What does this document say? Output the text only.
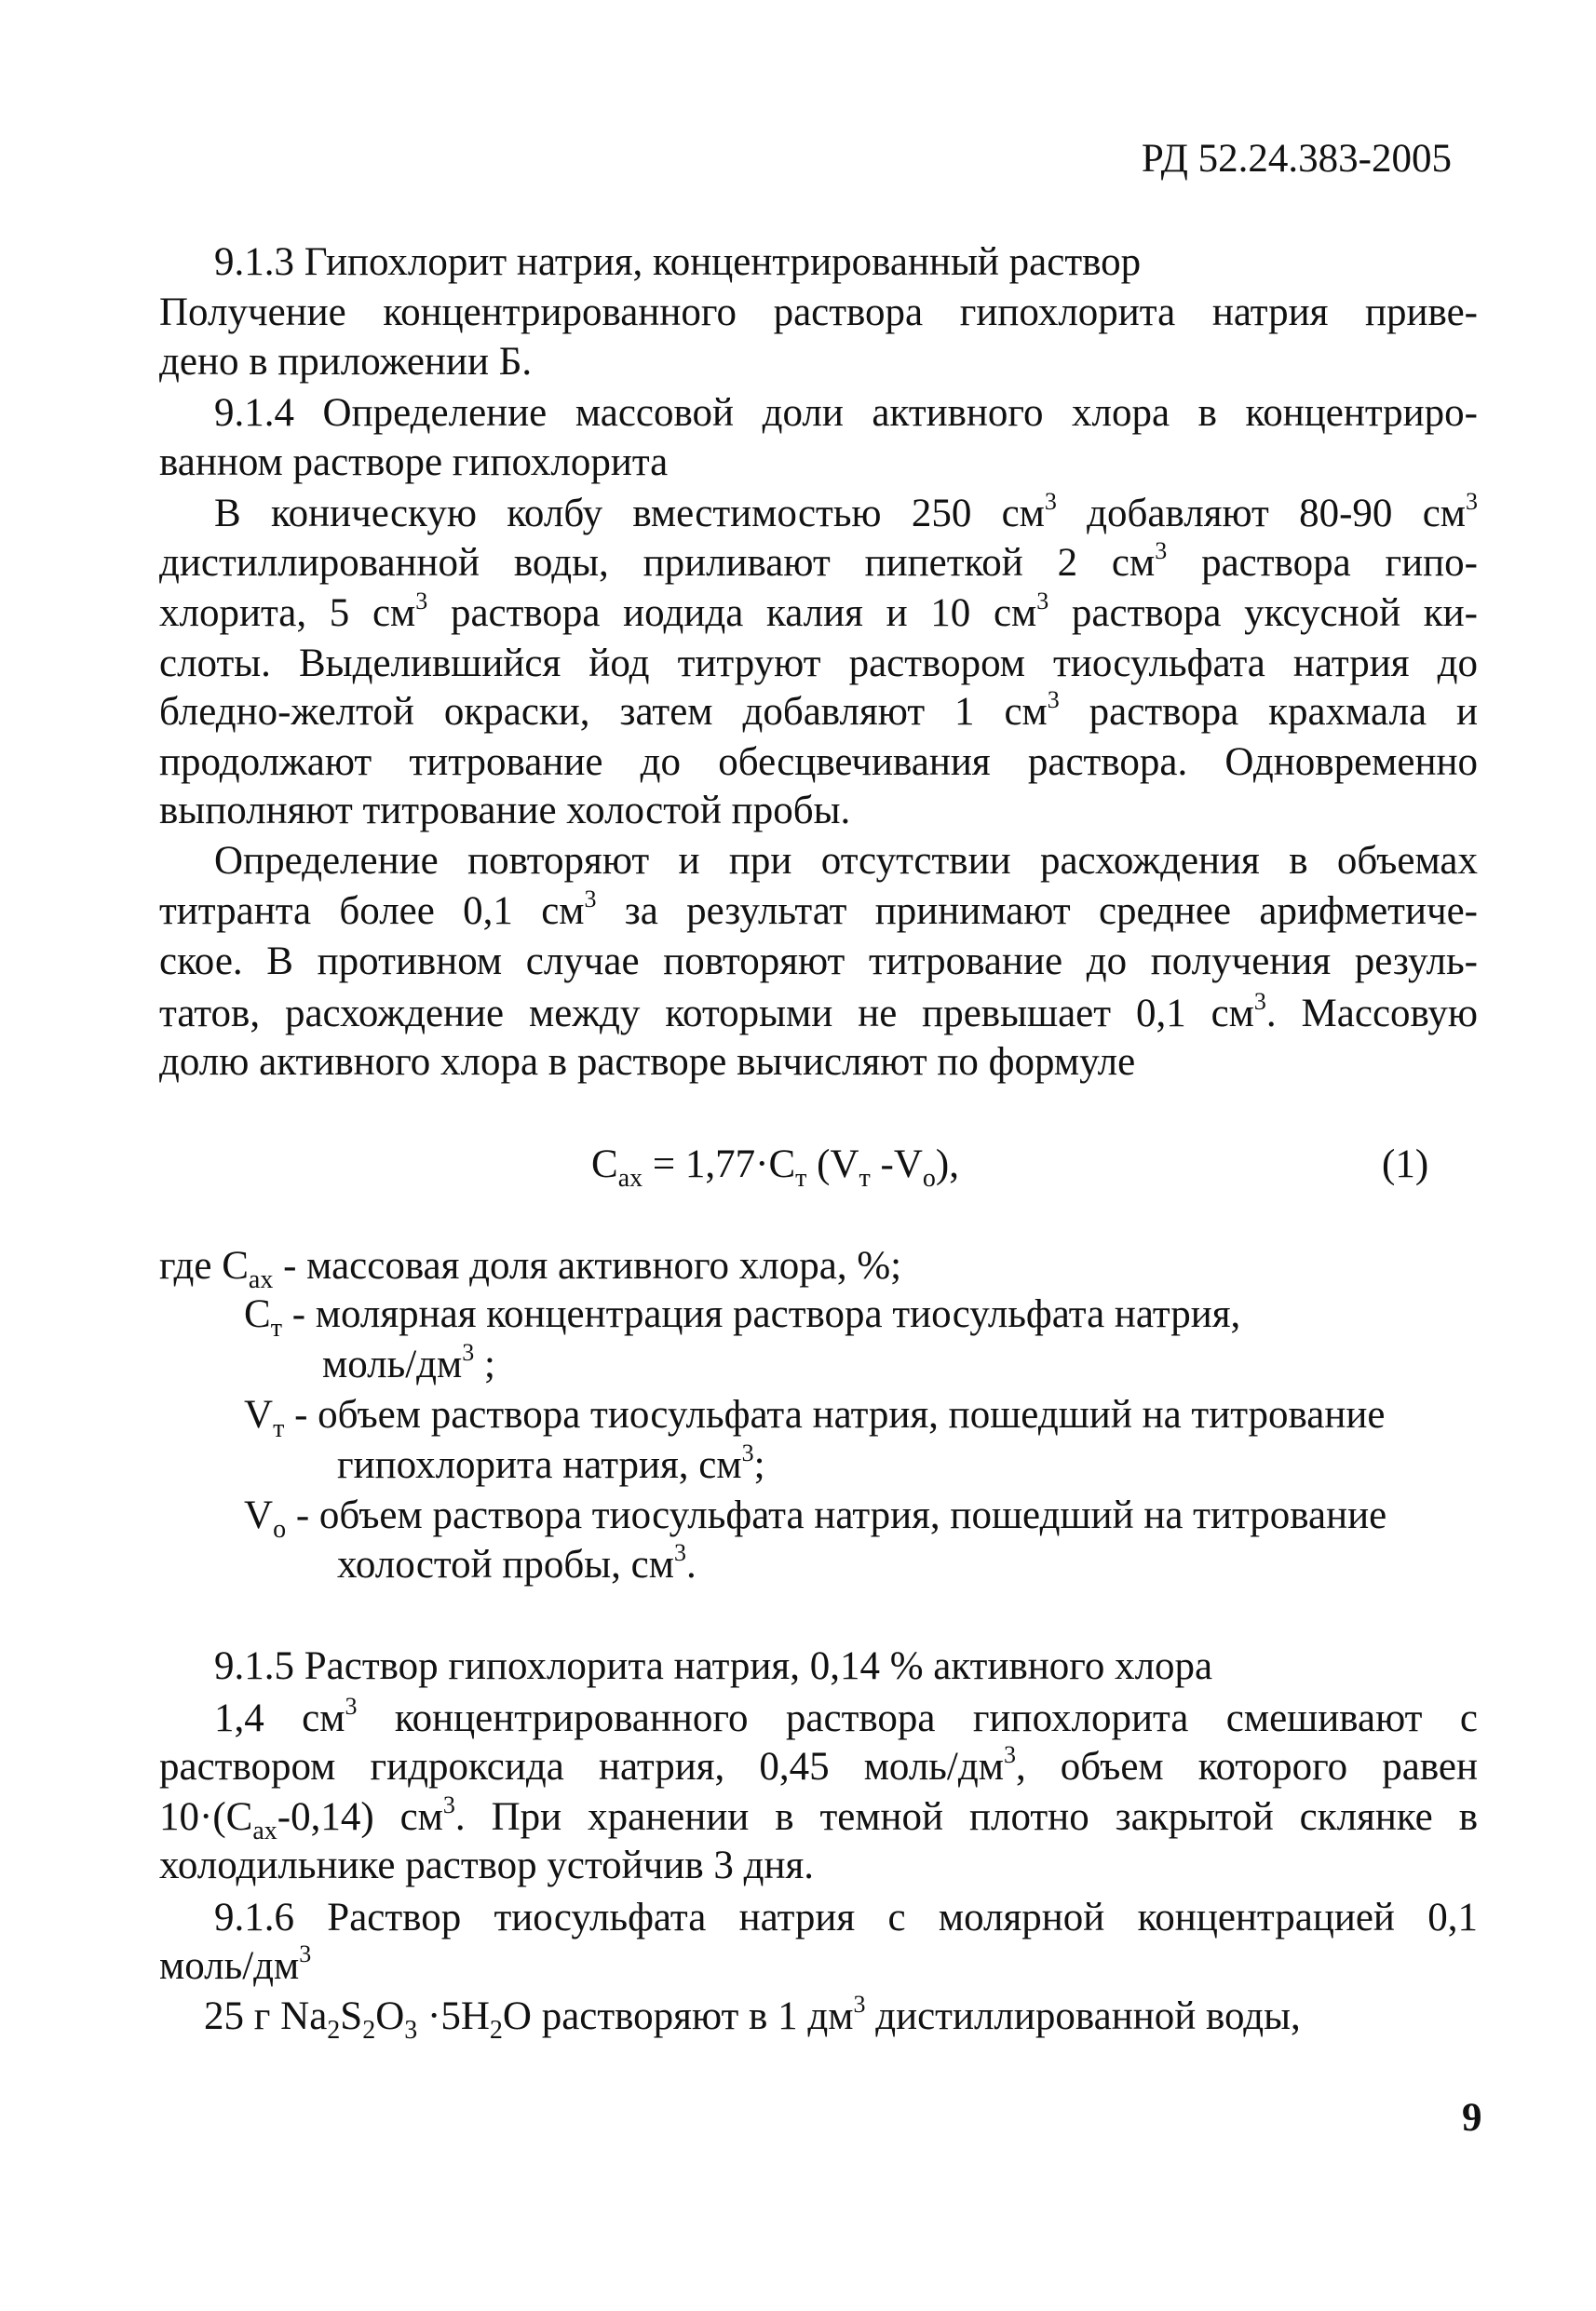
РД 52.24.383-2005
9.1.3 Гипохлорит натрия, концентрированный раствор
Получение концентрированного раствора гипохлорита натрия приве-
дено в приложении Б.
9.1.4 Определение массовой доли активного хлора в концентриро-
ванном растворе гипохлорита
В коническую колбу вместимостью 250 $см^3$ добавляют 80-90 $см^3$
дистиллированной воды, приливают пипеткой 2 $см^3$ раствора гипо-
хлорита, 5 $см^3$ раствора иодида калия и 10 $см^3$ раствора уксусной ки-
слоты. Выделившийся йод титруют раствором тиосульфата натрия до
бледно-желтой окраски, затем добавляют 1 $см^3$ раствора крахмала и
продолжают титрование до обесцвечивания раствора. Одновременно
выполняют титрование холостой пробы.
Определение повторяют и при отсутствии расхождения в объемах
титранта более 0,1 $см^3$ за результат принимают среднее арифметиче-
ское. В противном случае повторяют титрование до получения резуль-
татов, расхождение между которыми не превышает 0,1 $см^3$. Массовую
долю активного хлора в растворе вычисляют по формуле
$С_{ах} = 1,77\cdot С_т$ ($V_т$ $-V_о$),	(1)
где $С_{ах}$ - массовая доля активного хлора, %;
$С_т$ - молярная концентрация раствора тиосульфата натрия,
моль/$дм^3$ ;
$V_т$ - объем раствора тиосульфата натрия, пошедший на титрование
гипохлорита натрия, $см^3$;
$V_о$ - объем раствора тиосульфата натрия, пошедший на титрование
холостой пробы, $см^3$.
9.1.5 Раствор гипохлорита натрия, 0,14 % активного хлора
1,4 $см^3$ концентрированного раствора гипохлорита смешивают с
раствором гидроксида натрия, 0,45 моль/$дм^3$, объем которого равен
$10\cdot(С_{ах}-0,14)$ $см^3$. При хранении в темной плотно закрытой склянке в
холодильнике раствор устойчив 3 дня.
9.1.6 Раствор тиосульфата натрия с молярной концентрацией 0,1
моль/$дм^3$
25 г $Na_2S_2O_3 \cdot 5H_2O$ растворяют в 1 $дм^3$ дистиллированной воды,
9
